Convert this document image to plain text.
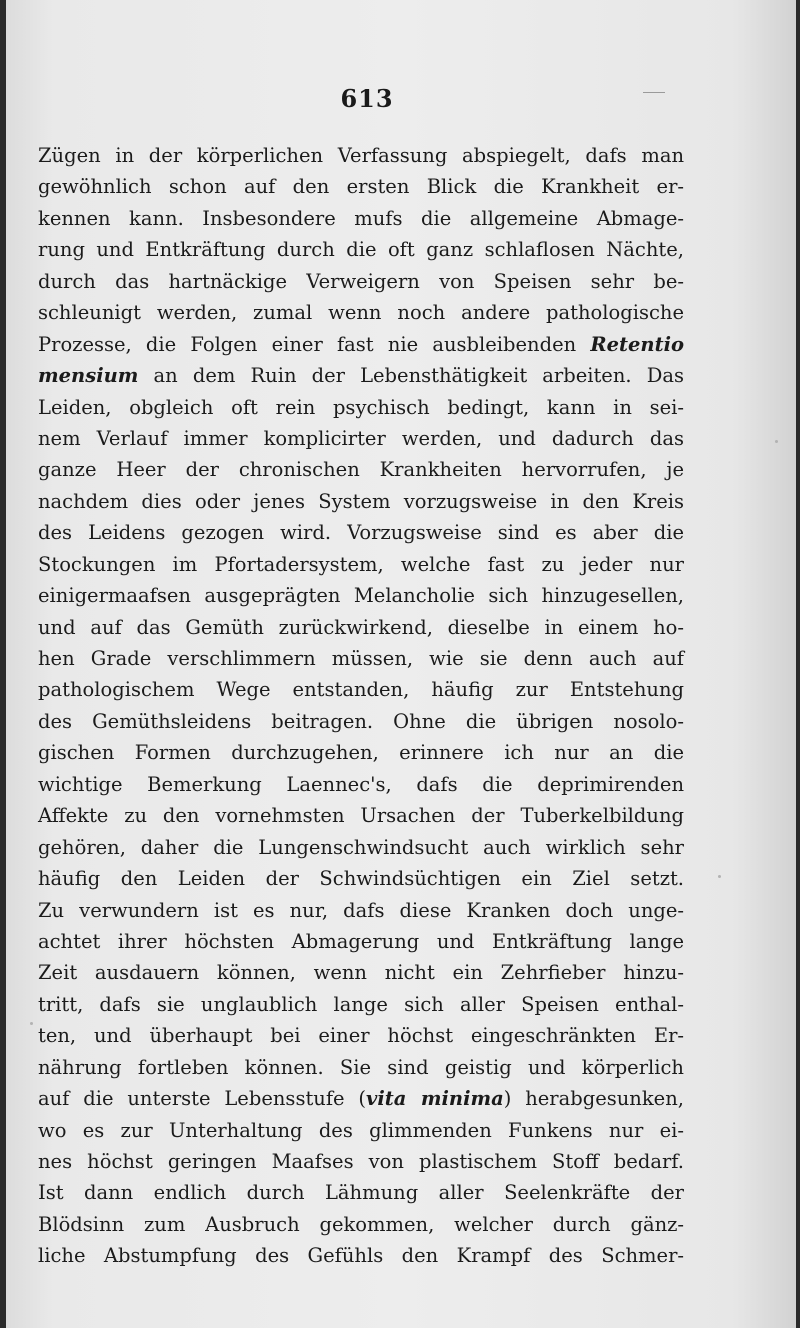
613
Zügen in der körperlichen Verfassung abspiegelt, dafs man
gewöhnlich schon auf den ersten Blick die Krankheit er-
kennen kann. Insbesondere mufs die allgemeine Abmage-
rung und Entkräftung durch die oft ganz schlaflosen Nächte,
durch das hartnäckige Verweigern von Speisen sehr be-
schleunigt werden, zumal wenn noch andere pathologische
Prozesse, die Folgen einer fast nie ausbleibenden Retentio
mensium an dem Ruin der Lebensthätigkeit arbeiten. Das
Leiden, obgleich oft rein psychisch bedingt, kann in sei-
nem Verlauf immer komplicirter werden, und dadurch das
ganze Heer der chronischen Krankheiten hervorrufen, je
nachdem dies oder jenes System vorzugsweise in den Kreis
des Leidens gezogen wird. Vorzugsweise sind es aber die
Stockungen im Pfortadersystem, welche fast zu jeder nur
einigermaafsen ausgeprägten Melancholie sich hinzugesellen,
und auf das Gemüth zurückwirkend, dieselbe in einem ho-
hen Grade verschlimmern müssen, wie sie denn auch auf
pathologischem Wege entstanden, häufig zur Entstehung
des Gemüthsleidens beitragen. Ohne die übrigen nosolo-
gischen Formen durchzugehen, erinnere ich nur an die
wichtige Bemerkung Laennec's, dafs die deprimirenden
Affekte zu den vornehmsten Ursachen der Tuberkelbildung
gehören, daher die Lungenschwindsucht auch wirklich sehr
häufig den Leiden der Schwindsüchtigen ein Ziel setzt.
Zu verwundern ist es nur, dafs diese Kranken doch unge-
achtet ihrer höchsten Abmagerung und Entkräftung lange
Zeit ausdauern können, wenn nicht ein Zehrfieber hinzu-
tritt, dafs sie unglaublich lange sich aller Speisen enthal-
ten, und überhaupt bei einer höchst eingeschränkten Er-
nährung fortleben können. Sie sind geistig und körperlich
auf die unterste Lebensstufe (vita minima) herabgesunken,
wo es zur Unterhaltung des glimmenden Funkens nur ei-
nes höchst geringen Maafses von plastischem Stoff bedarf.
Ist dann endlich durch Lähmung aller Seelenkräfte der
Blödsinn zum Ausbruch gekommen, welcher durch gänz-
liche Abstumpfung des Gefühls den Krampf des Schmer-
